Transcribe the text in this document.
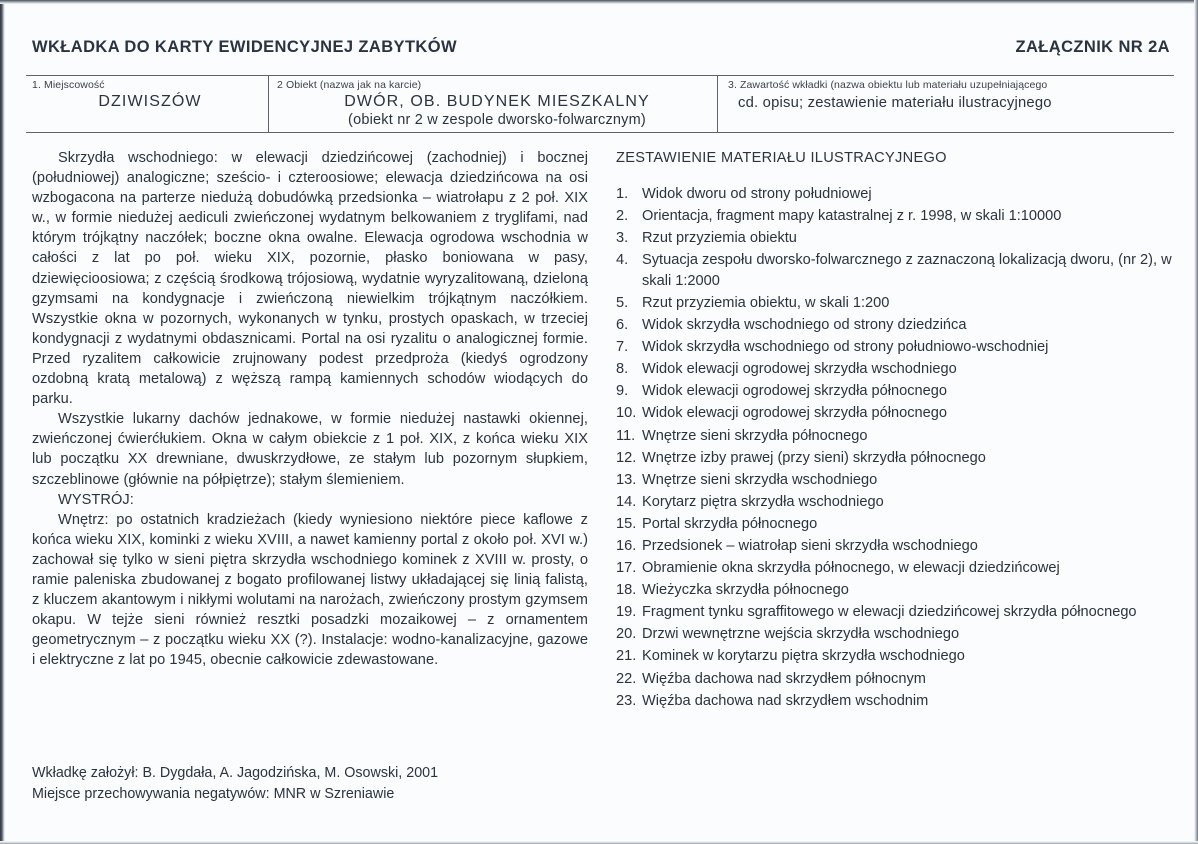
WKŁADKA DO KARTY EWIDENCYJNEJ ZABYTKÓW	ZAŁĄCZNIK NR 2A
1. Miejscowość
DZIWISZÓW
2 Obiekt (nazwa jak na karcie)
DWÓR, OB. BUDYNEK MIESZKALNY
(obiekt nr 2 w zespole dworsko-folwarcznym)
3. Zawartość wkładki (nazwa obiektu lub materiału uzupełniającego
cd. opisu; zestawienie materiału ilustracyjnego

Skrzydła wschodniego: w elewacji dziedzińcowej (zachodniej) i bocznej (południowej) analogiczne; sześcio- i czteroosiowe; elewacja dziedzińcowa na osi wzbogacona na parterze niedużą dobudówką przedsionka – wiatrołapu z 2 poł. XIX w., w formie niedużej aediculi zwieńczonej wydatnym belkowaniem z tryglifami, nad którym trójkątny naczółek; boczne okna owalne. Elewacja ogrodowa wschodnia w całości z lat po poł. wieku XIX, pozornie, płasko boniowana w pasy, dziewięcioosiowa; z częścią środkową trójosiową, wydatnie wyryzalitowaną, dzieloną gzymsami na kondygnacje i zwieńczoną niewielkim trójkątnym naczółkiem. Wszystkie okna w pozornych, wykonanych w tynku, prostych opaskach, w trzeciej kondygnacji z wydatnymi obdasznicami. Portal na osi ryzalitu o analogicznej formie. Przed ryzalitem całkowicie zrujnowany podest przedproża (kiedyś ogrodzony ozdobną kratą metalową) z węższą rampą kamiennych schodów wiodących do parku.

Wszystkie lukarny dachów jednakowe, w formie niedużej nastawki okiennej, zwieńczonej ćwierćłukiem. Okna w całym obiekcie z 1 poł. XIX, z końca wieku XIX lub początku XX drewniane, dwuskrzydłowe, ze stałym lub pozornym słupkiem, szczeblinowe (głównie na półpiętrze); stałym ślemieniem.

WYSTRÓJ:

Wnętrz: po ostatnich kradzieżach (kiedy wyniesiono niektóre piece kaflowe z końca wieku XIX, kominki z wieku XVIII, a nawet kamienny portal z około poł. XVI w.) zachował się tylko w sieni piętra skrzydła wschodniego kominek z XVIII w. prosty, o ramie paleniska zbudowanej z bogato profilowanej listwy układającej się linią falistą, z kluczem akantowym i nikłymi wolutami na narożach, zwieńczony prostym gzymsem okapu. W tejże sieni również resztki posadzki mozaikowej – z ornamentem geometrycznym – z początku wieku XX (?). Instalacje: wodno-kanalizacyjne, gazowe i elektryczne z lat po 1945, obecnie całkowicie zdewastowane.

ZESTAWIENIE MATERIAŁU ILUSTRACYJNEGO
1. Widok dworu od strony południowej
2. Orientacja, fragment mapy katastralnej z r. 1998, w skali 1:10000
3. Rzut przyziemia obiektu
4. Sytuacja zespołu dworsko-folwarcznego z zaznaczoną lokalizacją dworu, (nr 2), w skali 1:2000
5. Rzut przyziemia obiektu, w skali 1:200
6. Widok skrzydła wschodniego od strony dziedzińca
7. Widok skrzydła wschodniego od strony południowo-wschodniej
8. Widok elewacji ogrodowej skrzydła wschodniego
9. Widok elewacji ogrodowej skrzydła północnego
10. Widok elewacji ogrodowej skrzydła północnego
11. Wnętrze sieni skrzydła północnego
12. Wnętrze izby prawej (przy sieni) skrzydła północnego
13. Wnętrze sieni skrzydła wschodniego
14. Korytarz piętra skrzydła wschodniego
15. Portal skrzydła północnego
16. Przedsionek – wiatrołap sieni skrzydła wschodniego
17. Obramienie okna skrzydła północnego, w elewacji dziedzińcowej
18. Wieżyczka skrzydła północnego
19. Fragment tynku sgraffitowego w elewacji dziedzińcowej skrzydła północnego
20. Drzwi wewnętrzne wejścia skrzydła wschodniego
21. Kominek w korytarzu piętra skrzydła wschodniego
22. Więźba dachowa nad skrzydłem północnym
23. Więźba dachowa nad skrzydłem wschodnim
Wkładkę założył: B. Dygdała, A. Jagodzińska, M. Osowski, 2001
Miejsce przechowywania negatywów: MNR w Szreniawie
